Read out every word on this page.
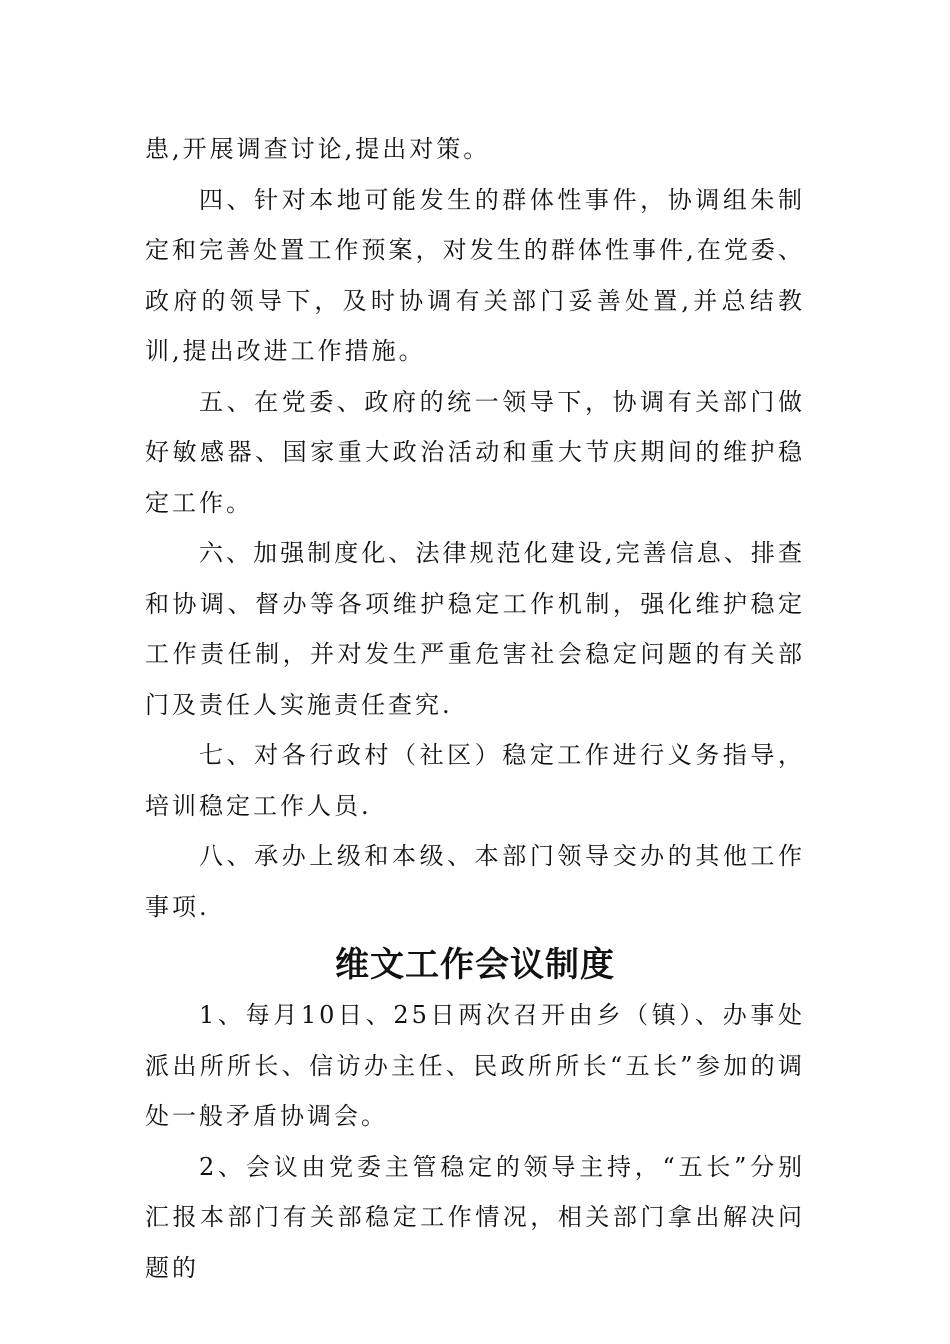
患,开展调查讨论,提出对策。

四、针对本地可能发生的群体性事件，协调组朱制定和完善处置工作预案，对发生的群体性事件,在党委、政府的领导下，及时协调有关部门妥善处置,并总结教训,提出改进工作措施。

五、在党委、政府的统一领导下，协调有关部门做好敏感器、国家重大政治活动和重大节庆期间的维护稳定工作。

六、加强制度化、法律规范化建设,完善信息、排查和协调、督办等各项维护稳定工作机制，强化维护稳定工作责任制，并对发生严重危害社会稳定问题的有关部门及责任人实施责任查究.

七、对各行政村（社区）稳定工作进行义务指导，培训稳定工作人员.

八、承办上级和本级、本部门领导交办的其他工作事项.

维文工作会议制度

1、每月10日、25日两次召开由乡（镇）、办事处派出所所长、信访办主任、民政所所长“五长”参加的调处一般矛盾协调会。

2、会议由党委主管稳定的领导主持，“五长”分别汇报本部门有关部稳定工作情况，相关部门拿出解决问题的
